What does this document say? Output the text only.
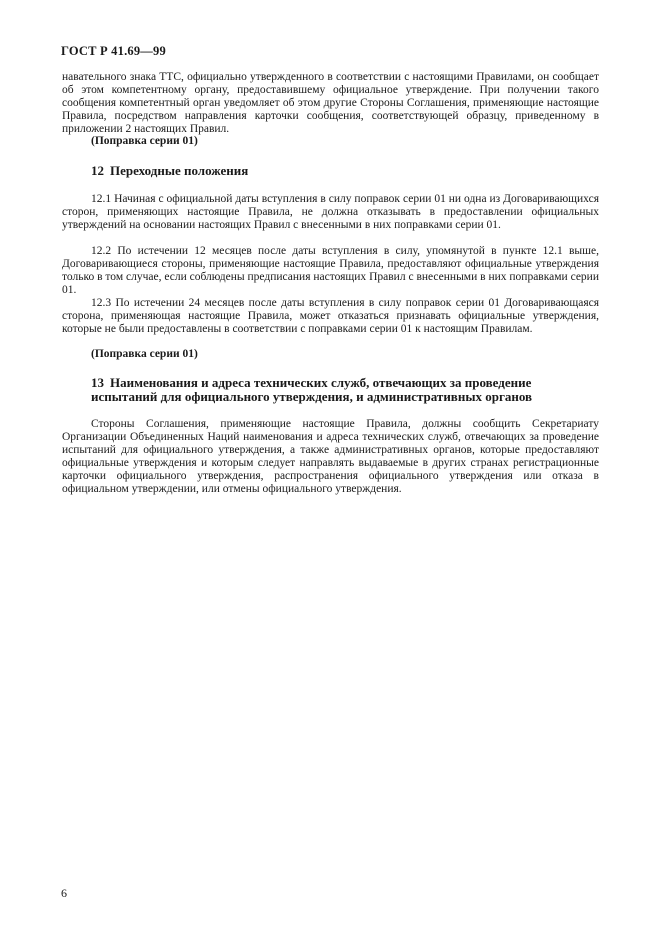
ГОСТ Р 41.69—99

навательного знака ТТС, официально утвержденного в соответствии с настоящими Правилами, он сообщает об этом компетентному органу, предоставившему официальное утверждение. При получении такого сообщения компетентный орган уведомляет об этом другие Стороны Соглашения, применяющие настоящие Правила, посредством направления карточки сообщения, соответствующей образцу, приведенному в приложении 2 настоящих Правил.

(Поправка серии 01)
12 Переходные положения

12.1 Начиная с официальной даты вступления в силу поправок серии 01 ни одна из Договаривающихся сторон, применяющих настоящие Правила, не должна отказывать в предоставлении официальных утверждений на основании настоящих Правил с внесенными в них поправками серии 01.

12.2 По истечении 12 месяцев после даты вступления в силу, упомянутой в пункте 12.1 выше, Договаривающиеся стороны, применяющие настоящие Правила, предоставляют официальные утверждения только в том случае, если соблюдены предписания настоящих Правил с внесенными в них поправками серии 01.

12.3 По истечении 24 месяцев после даты вступления в силу поправок серии 01 Договаривающаяся сторона, применяющая настоящие Правила, может отказаться признавать официальные утверждения, которые не были предоставлены в соответствии с поправками серии 01 к настоящим Правилам.

(Поправка серии 01)
13 Наименования и адреса технических служб, отвечающих за проведение
испытаний для официального утверждения, и административных органов

Стороны Соглашения, применяющие настоящие Правила, должны сообщить Секретариату Организации Объединенных Наций наименования и адреса технических служб, отвечающих за проведение испытаний для официального утверждения, а также административных органов, которые предоставляют официальные утверждения и которым следует направлять выдаваемые в других странах регистрационные карточки официального утверждения, распространения официального утверждения или отказа в официальном утверждении, или отмены официального утверждения.

6
